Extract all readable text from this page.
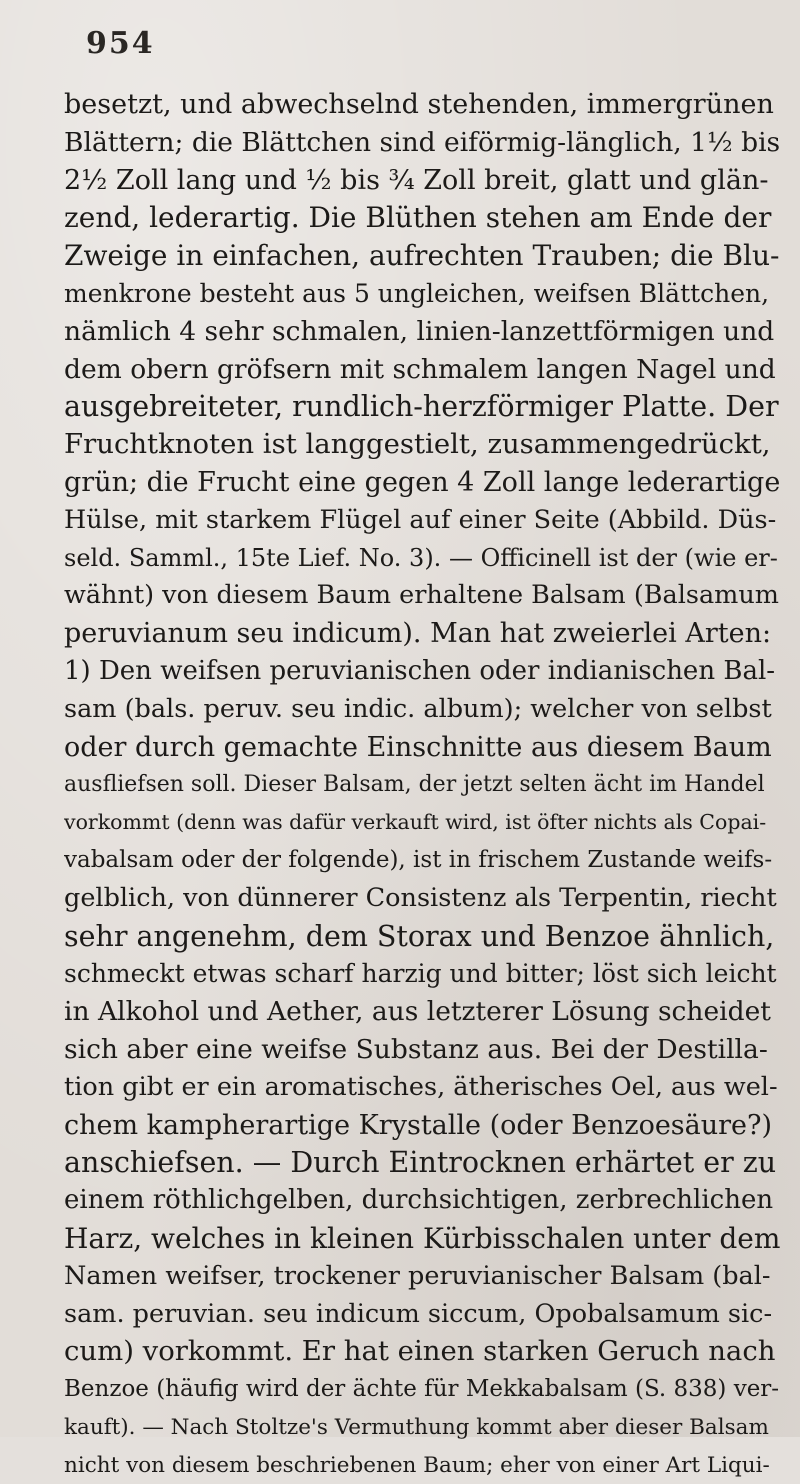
954
besetzt, und abwechselnd stehenden, immergrünen
Blättern; die Blättchen sind eiförmig-länglich, 1½ bis
2½ Zoll lang und ½ bis ¾ Zoll breit, glatt und glän-
zend, lederartig. Die Blüthen stehen am Ende der
Zweige in einfachen, aufrechten Trauben; die Blu-
menkrone besteht aus 5 ungleichen, weifsen Blättchen,
nämlich 4 sehr schmalen, linien-lanzettförmigen und
dem obern gröfsern mit schmalem langen Nagel und
ausgebreiteter, rundlich-herzförmiger Platte. Der
Fruchtknoten ist langgestielt, zusammengedrückt,
grün; die Frucht eine gegen 4 Zoll lange lederartige
Hülse, mit starkem Flügel auf einer Seite (Abbild. Düs-
seld. Samml., 15te Lief. No. 3). — Officinell ist der (wie er-
wähnt) von diesem Baum erhaltene Balsam (Balsamum
peruvianum seu indicum). Man hat zweierlei Arten:
1) Den weifsen peruvianischen oder indianischen Bal-
sam (bals. peruv. seu indic. album); welcher von selbst
oder durch gemachte Einschnitte aus diesem Baum
ausfliefsen soll. Dieser Balsam, der jetzt selten ächt im Handel
vorkommt (denn was dafür verkauft wird, ist öfter nichts als Copai-
vabalsam oder der folgende), ist in frischem Zustande weifs-
gelblich, von dünnerer Consistenz als Terpentin, riecht
sehr angenehm, dem Storax und Benzoe ähnlich,
schmeckt etwas scharf harzig und bitter; löst sich leicht
in Alkohol und Aether, aus letzterer Lösung scheidet
sich aber eine weifse Substanz aus. Bei der Destilla-
tion gibt er ein aromatisches, ätherisches Oel, aus wel-
chem kampherartige Krystalle (oder Benzoesäure?)
anschiefsen. — Durch Eintrocknen erhärtet er zu
einem röthlichgelben, durchsichtigen, zerbrechlichen
Harz, welches in kleinen Kürbisschalen unter dem
Namen weifser, trockener peruvianischer Balsam (bal-
sam. peruvian. seu indicum siccum, Opobalsamum sic-
cum) vorkommt. Er hat einen starken Geruch nach
Benzoe (häufig wird der ächte für Mekkabalsam (S. 838) ver-
kauft). — Nach Stoltze's Vermuthung kommt aber dieser Balsam
nicht von diesem beschriebenen Baum; eher von einer Art Liqui-
